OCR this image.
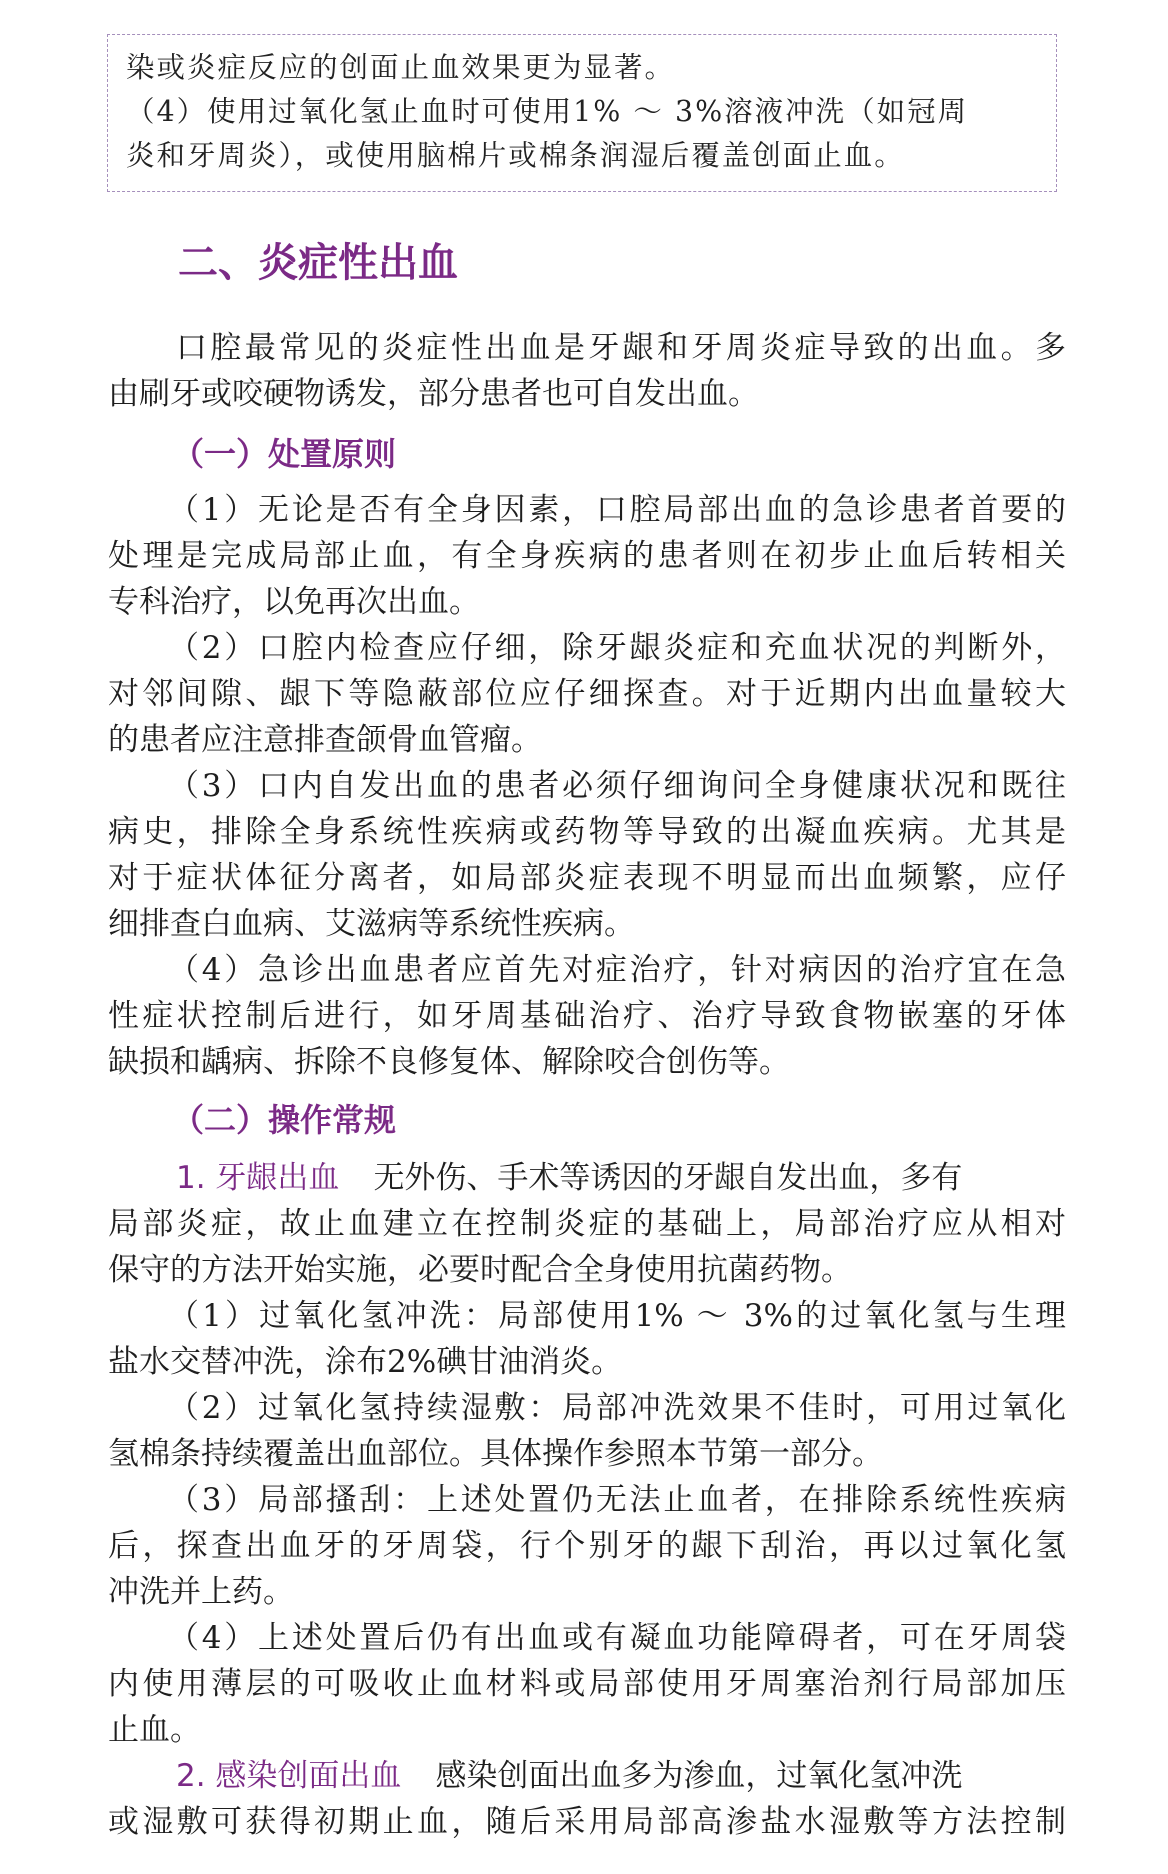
染或炎症反应的创面止血效果更为显著。
（4）使用过氧化氢止血时可使用1% ～ 3%溶液冲洗（如冠周
炎和牙周炎），或使用脑棉片或棉条润湿后覆盖创面止血。
二、炎症性出血
口腔最常见的炎症性出血是牙龈和牙周炎症导致的出血。多
由刷牙或咬硬物诱发，部分患者也可自发出血。
（一）处置原则
（1）无论是否有全身因素，口腔局部出血的急诊患者首要的
处理是完成局部止血，有全身疾病的患者则在初步止血后转相关
专科治疗，以免再次出血。
（2）口腔内检查应仔细，除牙龈炎症和充血状况的判断外，
对邻间隙、龈下等隐蔽部位应仔细探查。对于近期内出血量较大
的患者应注意排查颌骨血管瘤。
（3）口内自发出血的患者必须仔细询问全身健康状况和既往
病史，排除全身系统性疾病或药物等导致的出凝血疾病。尤其是
对于症状体征分离者，如局部炎症表现不明显而出血频繁，应仔
细排查白血病、艾滋病等系统性疾病。
（4）急诊出血患者应首先对症治疗，针对病因的治疗宜在急
性症状控制后进行，如牙周基础治疗、治疗导致食物嵌塞的牙体
缺损和龋病、拆除不良修复体、解除咬合创伤等。
（二）操作常规
1. 牙龈出血 无外伤、手术等诱因的牙龈自发出血，多有
局部炎症，故止血建立在控制炎症的基础上，局部治疗应从相对
保守的方法开始实施，必要时配合全身使用抗菌药物。
（1）过氧化氢冲洗：局部使用1% ～ 3%的过氧化氢与生理
盐水交替冲洗，涂布2%碘甘油消炎。
（2）过氧化氢持续湿敷：局部冲洗效果不佳时，可用过氧化
氢棉条持续覆盖出血部位。具体操作参照本节第一部分。
（3）局部搔刮：上述处置仍无法止血者，在排除系统性疾病
后，探查出血牙的牙周袋，行个别牙的龈下刮治，再以过氧化氢
冲洗并上药。
（4）上述处置后仍有出血或有凝血功能障碍者，可在牙周袋
内使用薄层的可吸收止血材料或局部使用牙周塞治剂行局部加压
止血。
2. 感染创面出血 感染创面出血多为渗血，过氧化氢冲洗
或湿敷可获得初期止血，随后采用局部高渗盐水湿敷等方法控制
